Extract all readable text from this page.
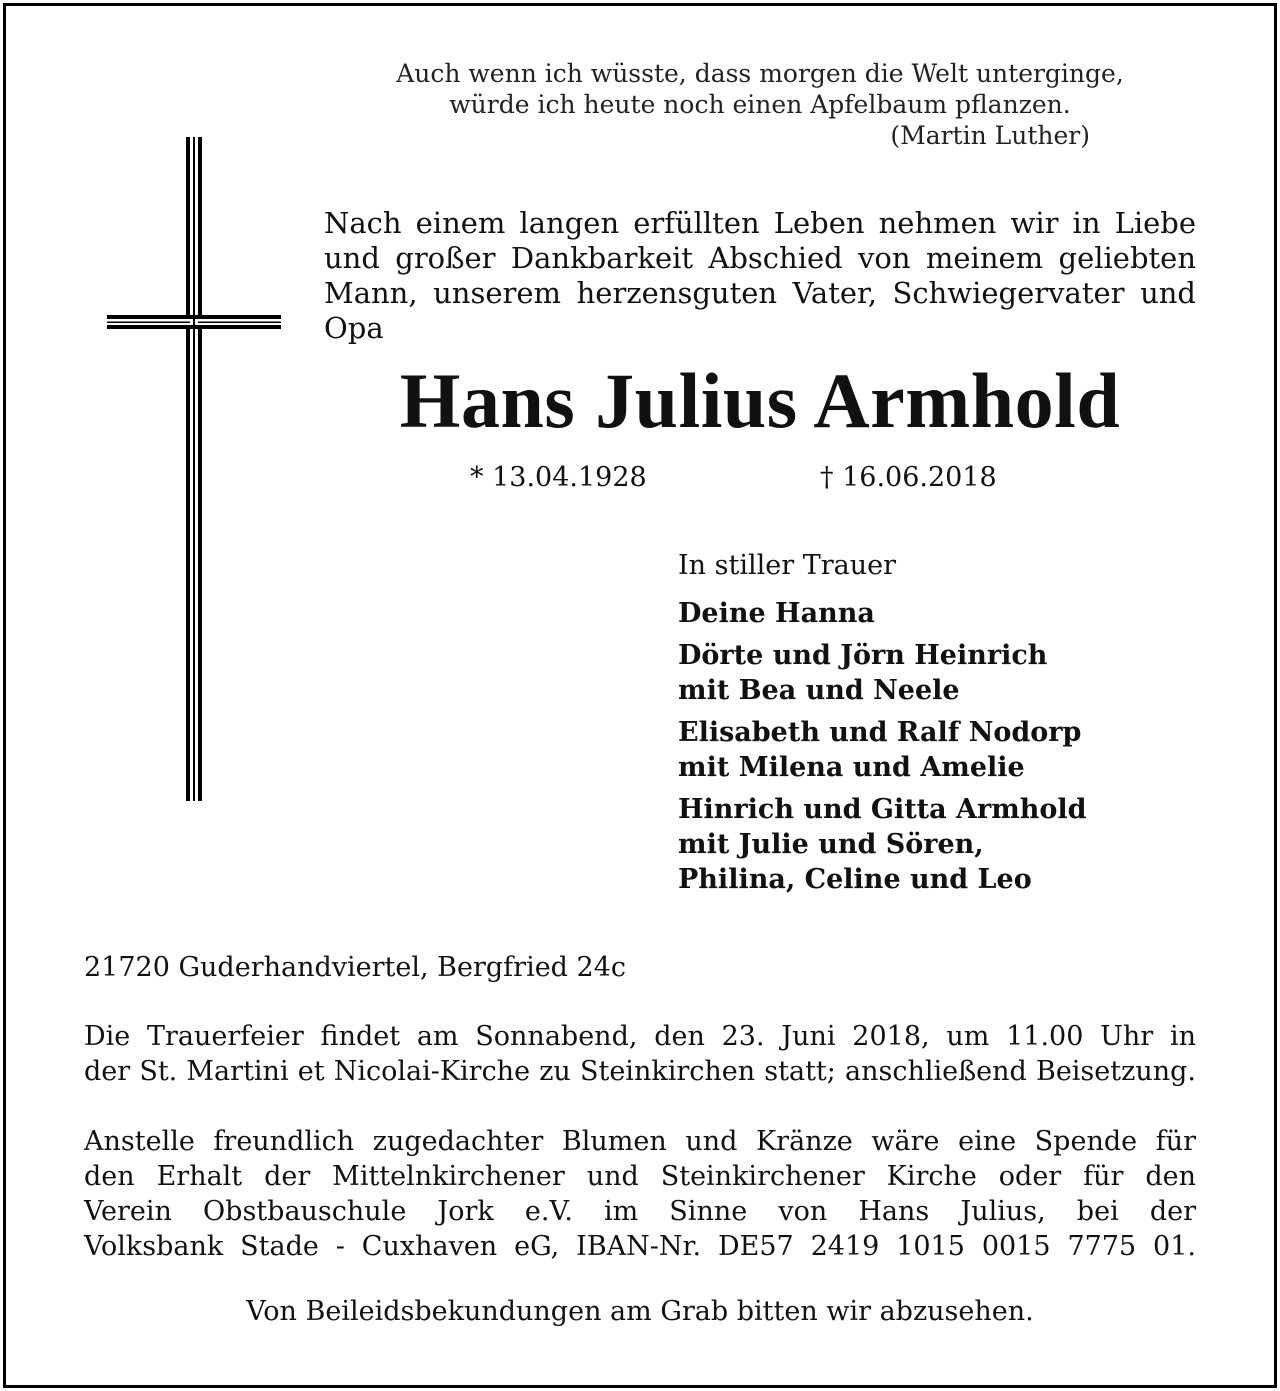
Auch wenn ich wüsste, dass morgen die Welt unterginge,
würde ich heute noch einen Apfelbaum pflanzen.
(Martin Luther)
Nach einem langen erfüllten Leben nehmen wir in Liebe
und großer Dankbarkeit Abschied von meinem geliebten
Mann, unserem herzensguten Vater, Schwiegervater und Opa
Hans Julius Armhold
* 13.04.1928	† 16.06.2018
In stiller Trauer
Deine Hanna
Dörte und Jörn Heinrich
mit Bea und Neele
Elisabeth und Ralf Nodorp
mit Milena und Amelie
Hinrich und Gitta Armhold
mit Julie und Sören,
Philina, Celine und Leo
21720 Guderhandviertel, Bergfried 24c
Die Trauerfeier findet am Sonnabend, den 23. Juni 2018, um 11.00 Uhr in
der St. Martini et Nicolai-Kirche zu Steinkirchen statt; anschließend Beisetzung.
Anstelle freundlich zugedachter Blumen und Kränze wäre eine Spende für
den Erhalt der Mittelnkirchener und Steinkirchener Kirche oder für den
Verein Obstbauschule Jork e.V. im Sinne von Hans Julius, bei der
Volksbank Stade - Cuxhaven eG, IBAN-Nr. DE57 2419 1015 0015 7775 01.
Von Beileidsbekundungen am Grab bitten wir abzusehen.
